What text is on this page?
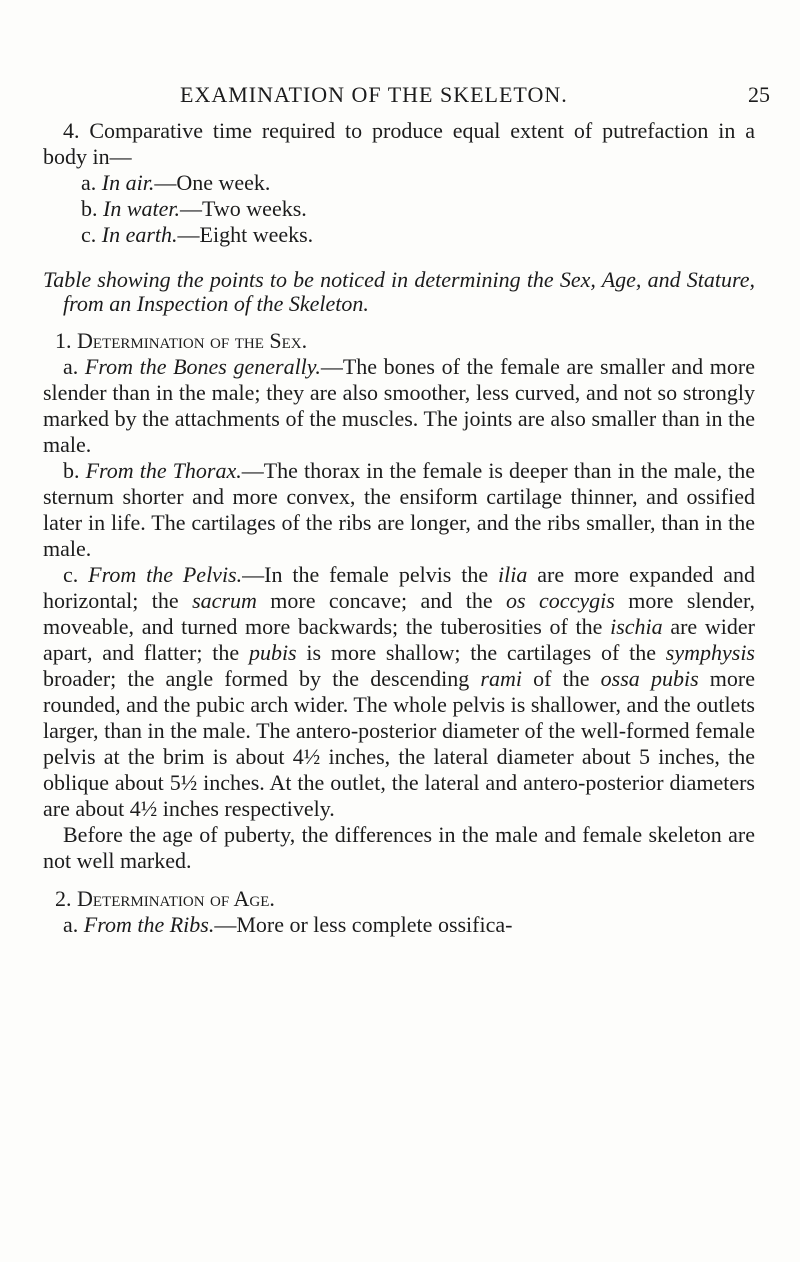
EXAMINATION OF THE SKELETON.	25

4. Comparative time required to produce equal extent of putrefaction in a body in—

a. In air.—One week.

b. In water.—Two weeks.

c. In earth.—Eight weeks.

Table showing the points to be noticed in determining the Sex, Age, and Stature, from an Inspection of the Skeleton.

1. Determination of the Sex.

a. From the Bones generally.—The bones of the female are smaller and more slender than in the male; they are also smoother, less curved, and not so strongly marked by the attachments of the muscles. The joints are also smaller than in the male.

b. From the Thorax.—The thorax in the female is deeper than in the male, the sternum shorter and more convex, the ensiform cartilage thinner, and ossified later in life. The cartilages of the ribs are longer, and the ribs smaller, than in the male.

c. From the Pelvis.—In the female pelvis the ilia are more expanded and horizontal; the sacrum more concave; and the os coccygis more slender, moveable, and turned more backwards; the tuberosities of the ischia are wider apart, and flatter; the pubis is more shallow; the cartilages of the symphysis broader; the angle formed by the descending rami of the ossa pubis more rounded, and the pubic arch wider. The whole pelvis is shallower, and the outlets larger, than in the male. The antero-posterior diameter of the well-formed female pelvis at the brim is about 4½ inches, the lateral diameter about 5 inches, the oblique about 5½ inches. At the outlet, the lateral and antero-posterior diameters are about 4½ inches respectively.

Before the age of puberty, the differences in the male and female skeleton are not well marked.

2. Determination of Age.

a. From the Ribs.—More or less complete ossifica-
